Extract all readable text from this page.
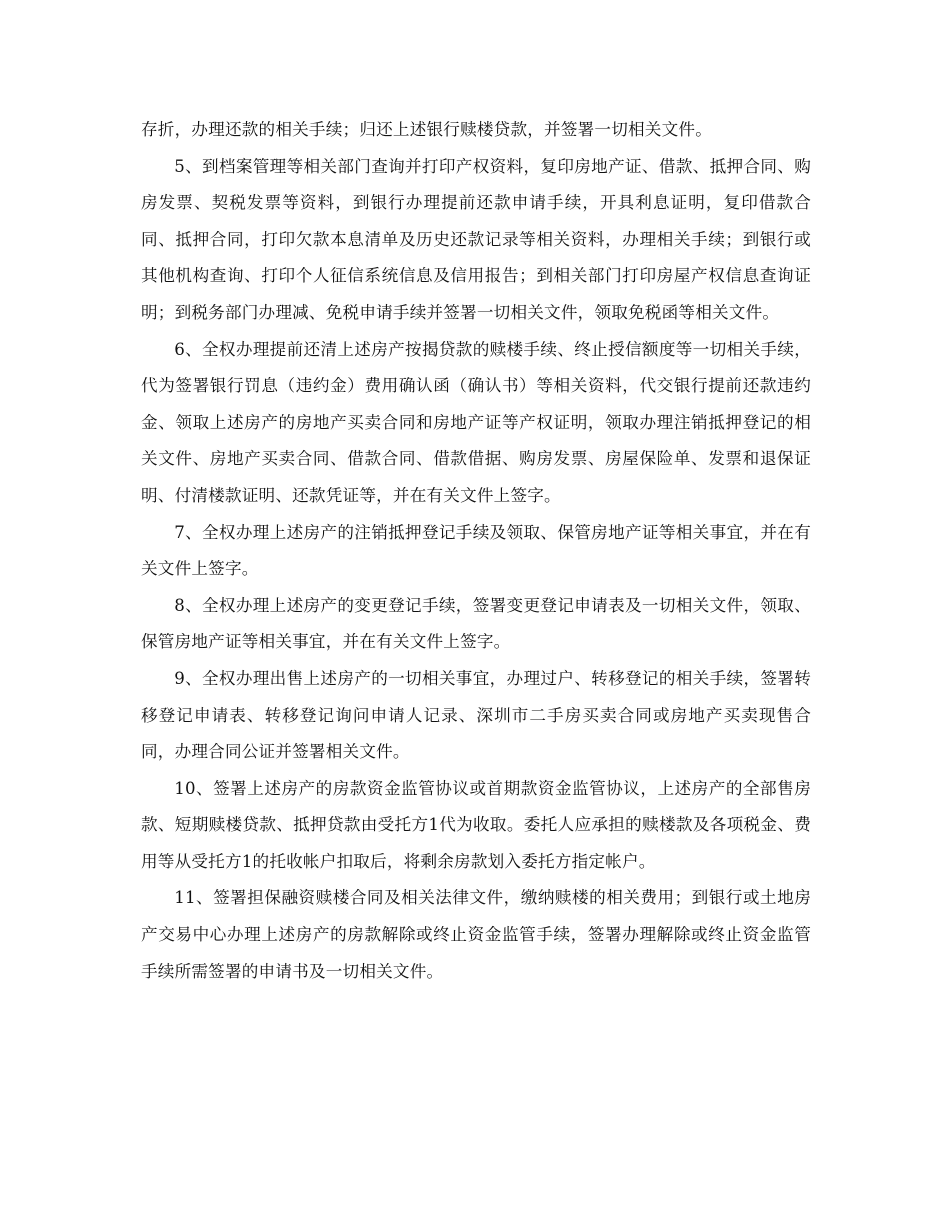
存折，办理还款的相关手续；归还上述银行赎楼贷款，并签署一切相关文件。

5、到档案管理等相关部门查询并打印产权资料，复印房地产证、借款、抵押合同、购房发票、契税发票等资料，到银行办理提前还款申请手续，开具利息证明，复印借款合同、抵押合同，打印欠款本息清单及历史还款记录等相关资料，办理相关手续；到银行或其他机构查询、打印个人征信系统信息及信用报告；到相关部门打印房屋产权信息查询证明；到税务部门办理减、免税申请手续并签署一切相关文件，领取免税函等相关文件。

6、全权办理提前还清上述房产按揭贷款的赎楼手续、终止授信额度等一切相关手续，代为签署银行罚息（违约金）费用确认函（确认书）等相关资料，代交银行提前还款违约金、领取上述房产的房地产买卖合同和房地产证等产权证明，领取办理注销抵押登记的相关文件、房地产买卖合同、借款合同、借款借据、购房发票、房屋保险单、发票和退保证明、付清楼款证明、还款凭证等，并在有关文件上签字。

7、全权办理上述房产的注销抵押登记手续及领取、保管房地产证等相关事宜，并在有关文件上签字。

8、全权办理上述房产的变更登记手续，签署变更登记申请表及一切相关文件，领取、保管房地产证等相关事宜，并在有关文件上签字。

9、全权办理出售上述房产的一切相关事宜，办理过户、转移登记的相关手续，签署转移登记申请表、转移登记询问申请人记录、深圳市二手房买卖合同或房地产买卖现售合同，办理合同公证并签署相关文件。

10、签署上述房产的房款资金监管协议或首期款资金监管协议，上述房产的全部售房款、短期赎楼贷款、抵押贷款由受托方1代为收取。委托人应承担的赎楼款及各项税金、费用等从受托方1的托收帐户扣取后，将剩余房款划入委托方指定帐户。

11、签署担保融资赎楼合同及相关法律文件，缴纳赎楼的相关费用；到银行或土地房产交易中心办理上述房产的房款解除或终止资金监管手续，签署办理解除或终止资金监管手续所需签署的申请书及一切相关文件。
